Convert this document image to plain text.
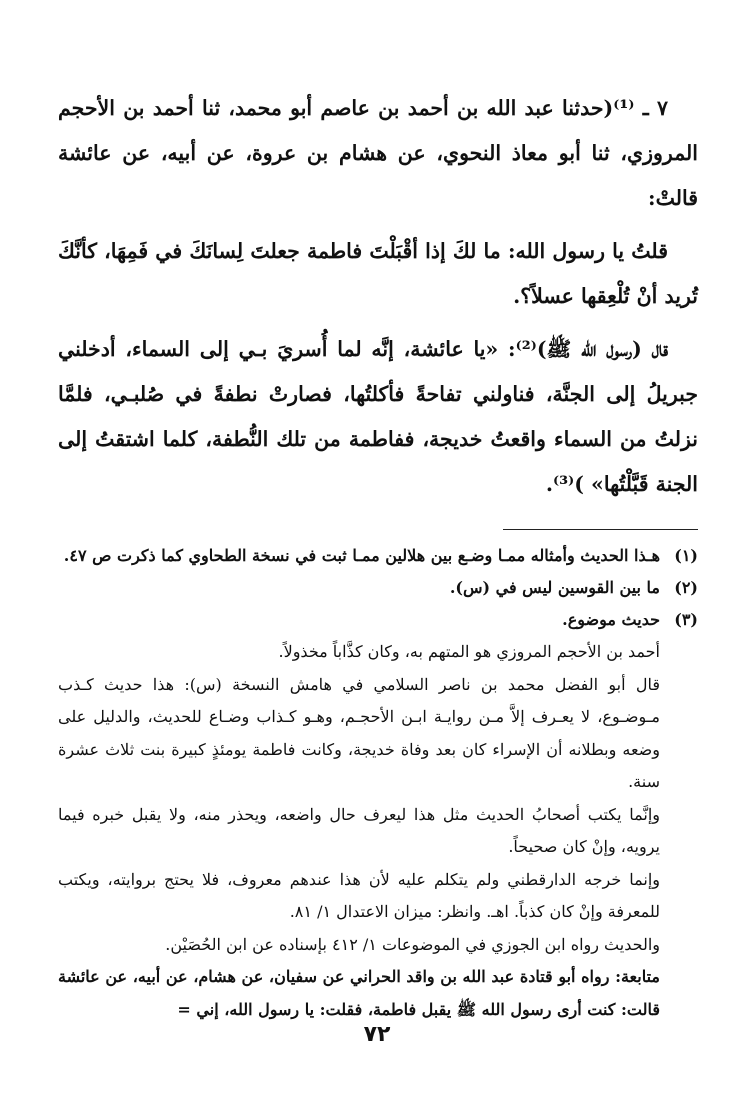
٧ ـ ⁽¹⁾(حدثنا عبد الله بن أحمد بن عاصم أبو محمد، ثنا أحمد بن الأحجم المروزي، ثنا أبو معاذ النحوي، عن هشام بن عروة، عن أبيه، عن عائشة قالتْ:

قلتُ يا رسول الله: ما لكَ إذا أقْبَلْتَ فاطمة جعلتَ لِسانَكَ في فَمِهَا، كأنَّكَ تُريد أنْ تُلْعِقها عسلاً؟.

قال (رسول الله ﷺ)⁽²⁾: «يا عائشة، إنَّه لما أُسريَ بـي إلى السماء، أدخلني جبريلُ إلى الجنَّة، فناولني تفاحةً فأكلتُها، فصارتْ نطفةً في صُلبـي، فلمَّا نزلتُ من السماء واقعتُ خديجة، ففاطمة من تلك النُّطفة، كلما اشتقتُ إلى الجنة قَبَّلْتُها» )⁽³⁾.

(١)
هـذا الحديث وأمثاله ممـا وضـع بين هلالين ممـا ثبت في نسخة الطحاوي كما ذكرت ص ٤٧.
(٢)
ما بين القوسين ليس في (س).
(٣)
حديث موضوع.

أحمد بن الأحجم المروزي هو المتهم به، وكان كذَّاباً مخذولاً.

قال أبو الفضل محمد بن ناصر السلامي في هامش النسخة (س): هذا حديث كـذب مـوضـوع، لا يعـرف إلاَّ مـن روايـة ابـن الأحجـم، وهـو كـذاب وضـاع للحديث، والدليل على وضعه وبطلانه أن الإسراء كان بعد وفاة خديجة، وكانت فاطمة يومئذٍ كبيرة بنت ثلاث عشرة سنة.

وإنَّما يكتب أصحابُ الحديث مثل هذا ليعرف حال واضعه، ويحذر منه، ولا يقبل خبره فيما يرويه، وإنْ كان صحيحاً.

وإنما خرجه الدارقطني ولم يتكلم عليه لأن هذا عندهم معروف، فلا يحتج بروايته، ويكتب للمعرفة وإنْ كان كذباً. اهـ. وانظر: ميزان الاعتدال ١/ ٨١.

والحديث رواه ابن الجوزي في الموضوعات ١/ ٤١٢ بإسناده عن ابن الحُصَيْن.

متابعة: رواه أبو قتادة عبد الله بن واقد الحراني عن سفيان، عن هشام، عن أبيه، عن عائشة قالت: كنت أرى رسول الله ﷺ يقبل فاطمة، فقلت: يا رسول الله، إني =

٧٢
